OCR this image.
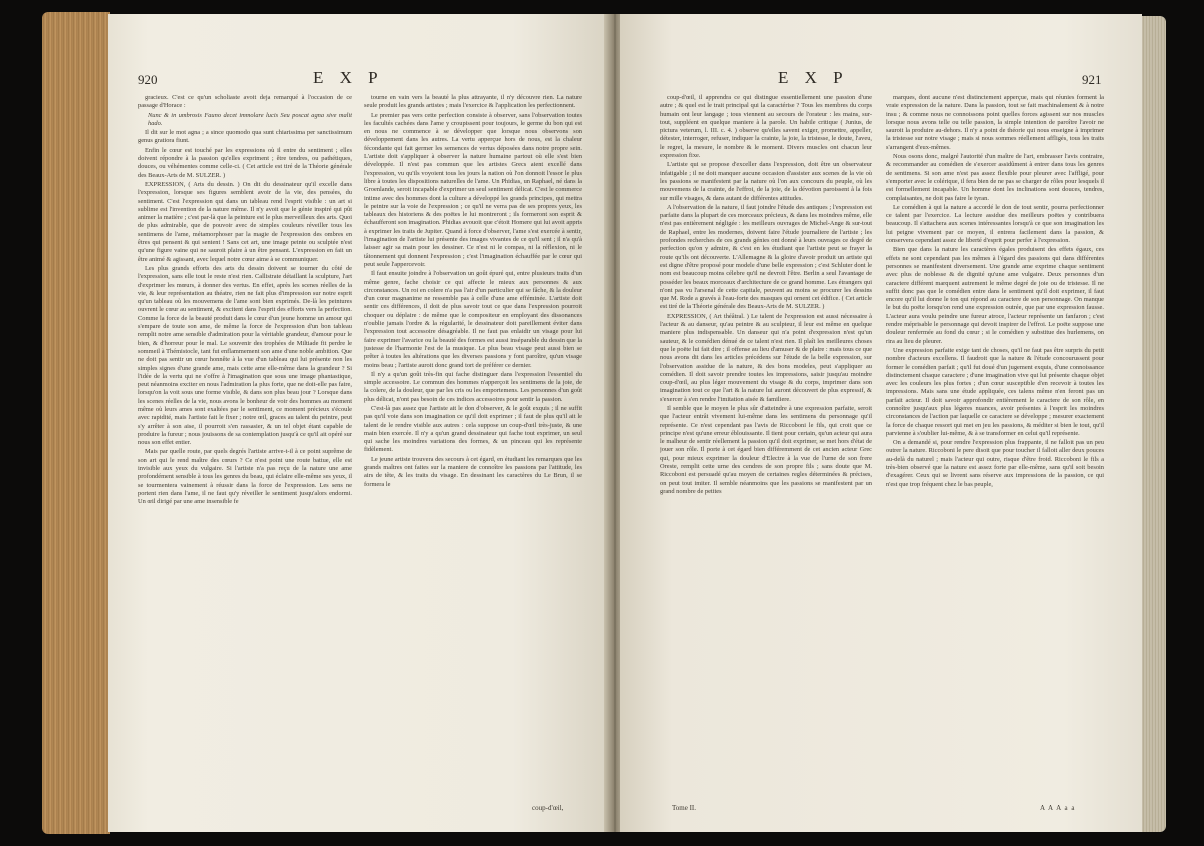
920	E X P

gracieux. C'est ce qu'un scholiaste avoit deja remarqué à l'occasion de ce passage d'Horace :

Nunc & in umbrosis Fauno decet immolare lucis Seu poscat agna sive malit hado.

Il dit sur le mot agna ; a since quomodo qua sunt chiarissima per sanctissimum genus gratiora fiunt.

Enfin le cœur est touché par les expressions où il entre du sentiment ; elles doivent répondre à la passion qu'elles expriment ; être tendres, ou pathétiques, douces, ou véhémentes comme celle-ci. ( Cet article est tiré de la Théorie générale des Beaux-Arts de M. SULZER. )

EXPRESSION, ( Arts du dessin. ) On dit du dessinateur qu'il excelle dans l'expression, lorsque ses figures semblent avoir de la vie, des pensées, du sentiment. C'est l'expression qui dans un tableau rend l'esprit visible : un art si sublime est l'invention de la nature même. Il n'y avoit que le génie inspiré qui pût animer la matière ; c'est par-là que la peinture est le plus merveilleux des arts. Quoi de plus admirable, que de pouvoir avec de simples couleurs réveiller tous les sentimens de l'ame, métamorphoser par la magie de l'expression des ombres en êtres qui pensent & qui sentent ! Sans cet art, une image peinte ou sculptée n'est qu'une figure vaine qui ne sauroit plaire à un être pensant. L'expression en fait un être animé & agissant, avec lequel notre cœur aime à se communiquer.

Les plus grands efforts des arts du dessin doivent se tourner du côté de l'expression, sans elle tout le reste n'est rien. Callistrate détaillant la sculpture, l'art d'exprimer les mœurs, à donner des vertus. En effet, après les scenes réelles de la vie, & leur représentation au théatre, rien ne fait plus d'impression sur notre esprit qu'un tableau où les mouvemens de l'ame sont bien exprimés. De-là les peintures ouvrent le cœur au sentiment, & excitent dans l'esprit des efforts vers la perfection. Comme la force de la beauté produit dans le cœur d'un jeune homme un amour qui s'empare de toute son ame, de même la force de l'expression d'un bon tableau remplit notre ame sensible d'admiration pour la véritable grandeur, d'amour pour le bien, & d'horreur pour le mal. Le souvenir des trophées de Miltiade fit perdre le sommeil à Thémistocle, tant fut enflammement son ame d'une noble ambition. Que ne doit pas sentir un cœur honnête à la vue d'un tableau qui lui présente non les simples signes d'une grande ame, mais cette ame elle-même dans la grandeur ? Si l'idée de la vertu qui ne s'offre à l'imagination que sous une image phantastique, peut néanmoins exciter en nous l'admiration la plus forte, que ne doit-elle pas faire, lorsqu'on la voit sous une forme visible, & dans son plus beau jour ? Lorsque dans les scenes réelles de la vie, nous avons le bonheur de voir des hommes au moment même où leurs ames sont exaltées par le sentiment, ce moment précieux s'écoule avec rapidité, mais l'artiste fait le fixer ; notre œil, graces au talent du peintre, peut s'y arrêter à son aise, il pourroit s'en rassasier, & un tel objet étant capable de produire la fureur ; nous jouissons de sa contemplation jusqu'à ce qu'il ait opéré sur nous son effet entier.

Mais par quelle route, par quels degrés l'artiste arrive-t-il à ce point suprême de son art qui le rend maître des cœurs ? Ce n'est point une route battue, elle est invisible aux yeux du vulgaire. Si l'artiste n'a pas reçu de la nature une ame profondément sensible à tous les genres du beau, qui éclaire elle-même ses yeux, il se tourmentera vainement à réussir dans la force de l'expression. Les sens ne portent rien dans l'ame, il ne faut qu'y réveiller le sentiment jusqu'alors endormi. Un œil dirigé par une ame insensible fe

tourne en vain vers la beauté la plus attrayante, il n'y découvre rien. La nature seule produit les grands artistes ; mais l'exercice & l'application les perfectionnent.

Le premier pas vers cette perfection consiste à observer, sans l'observation toutes les facultés cachées dans l'ame y croupissent pour toujours, le germe du bon qui est en nous ne commence à se développer que lorsque nous observons son développement dans les autres. La vertu apperçue hors de nous, est la chaleur fécondante qui fait germer les semences de vertus déposées dans notre propre sein. L'artiste doit s'appliquer à observer la nature humaine partout où elle s'est bien développée. Il n'est pas commun que les artistes Grecs aient excellé dans l'expression, vu qu'ils voyoient tous les jours la nation où l'on donnoit l'essor le plus libre à toutes les dispositions naturelles de l'ame. Un Phidias, un Raphael, né dans la Groenlande, seroit incapable d'exprimer un seul sentiment délicat. C'est le commerce intime avec des hommes dont la culture a développé les grands principes, qui mettra le peintre sur la voie de l'expression ; ce qu'il ne verra pas de ses propres yeux, les tableaux des historiens & des poëtes le lui montreront ; ils formeront son esprit & échaufferont son imagination. Phidias avouoit que c'étoit Homere qui lui avoit appris à exprimer les traits de Jupiter. Quand à force d'observer, l'ame s'est exercée à sentir, l'imagination de l'artiste lui présente des images vivantes de ce qu'il sent ; il n'a qu'à laisser agir sa main pour les dessiner. Ce n'est ni le compas, ni la réflexion, ni le tâtonnement qui donnent l'expression ; c'est l'imagination échauffée par le cœur qui peut seule l'appercevoir.

Il faut ensuite joindre à l'observation un goût épuré qui, entre plusieurs traits d'un même genre, fache choisir ce qui affecte le mieux aux personnes & aux circonstances. Un roi en colere n'a pas l'air d'un particulier qui se fâche, & la douleur d'un cœur magnanime ne ressemble pas à celle d'une ame efféminée. L'artiste doit sentir ces différences, il doit de plus savoir tout ce que dans l'expression pourroit choquer ou déplaire : de même que le compositeur en employant des dissonances n'oublie jamais l'ordre & la régularité, le dessinateur doit pareillement éviter dans l'expression tout accessoire désagréable. Il ne faut pas enlaidir un visage pour lui faire exprimer l'avarice ou la beauté des formes est aussi inséparable du dessin que la justesse de l'harmonie l'est de la musique. Le plus beau visage peut aussi bien se prêter à toutes les altérations que les diverses passions y font paroître, qu'un visage moins beau ; l'artiste auroit donc grand tort de préférer ce dernier.

Il n'y a qu'un goût très-fin qui fache distinguer dans l'expression l'essentiel du simple accessoire. Le commun des hommes n'apperçoit les sentimens de la joie, de la colere, de la douleur, que par les cris ou les emportemens. Les personnes d'un goût plus délicat, n'ont pas besoin de ces indices accessoires pour sentir la passion.

C'est-là pas assez que l'artiste ait le don d'observer, & le goût exquis ; il ne suffit pas qu'il voie dans son imagination ce qu'il doit exprimer ; il faut de plus qu'il ait le talent de le rendre visible aux autres : cela suppose un coup-d'œil très-juste, & une main bien exercée. Il n'y a qu'un grand dessinateur qui fache tout exprimer, un seul qui sache les moindres variations des formes, & un pinceau qui les représente fidèlement.

Le jeune artiste trouvera des secours à cet égard, en étudiant les remarques que les grands maîtres ont faites sur la maniere de connoître les passions par l'attitude, les airs de tête, & les traits du visage. En dessinant les caractères du Le Brun, il se formera le

coup-d'œil,
E X P	921

coup-d'œil, il apprendra ce qui distingue essentiellement une passion d'une autre ; & quel est le trait principal qui la caractérise ? Tous les membres du corps humain ont leur langage ; tous viennent au secours de l'orateur : les mains, sur-tout, suppléent en quelque maniere à la parole. Un habile critique ( Junius, de pictura veterum, l. III. c. 4. ) observe qu'elles savent exiger, promettre, appeller, détester, interroger, refuser, indiquer la crainte, la joie, la tristesse, le doute, l'aveu, le regret, la mesure, le nombre & le moment. Divers muscles ont chacun leur expression fixe.

L'artiste qui se propose d'exceller dans l'expression, doit être un observateur infatigable ; il ne doit manquer aucune occasion d'assister aux scenes de la vie où les passions se manifestent par la nature où l'on aux concours du peuple, où les mouvemens de la crainte, de l'effroi, de la joie, de la dévotion paroissent à la fois sur mille visages, & dans autant de différentes attitudes.

A l'observation de la nature, il faut joindre l'étude des antiques ; l'expression est parfaite dans la plupart de ces morceaux précieux, & dans les moindres même, elle n'est pas entièrement négligée : les meilleurs ouvrages de Michel-Ange & sur-tout de Raphael, entre les modernes, doivent faire l'étude journaliere de l'artiste ; les profondes recherches de ces grands génies ont donné à leurs ouvrages ce degré de perfection qu'on y admire, & c'est en les étudiant que l'artiste peut se frayer la route qu'ils ont découverte. L'Allemagne & la gloire d'avoir produit un artiste qui est digne d'être proposé pour modele d'une belle expression ; c'est Schluter dont le nom est beaucoup moins célebre qu'il ne devroit l'être. Berlin a seul l'avantage de posséder les beaux morceaux d'architecture de ce grand homme. Les étrangers qui n'ont pas vu l'arsenal de cette capitale, peuvent au moins se procurer les dessins que M. Rode a gravés à l'eau-forte des masques qui ornent cet édifice. ( Cet article est tiré de la Théorie générale des Beaux-Arts de M. SULZER. )

EXPRESSION, ( Art théâtral. ) Le talent de l'expression est aussi nécessaire à l'acteur & au danseur, qu'au peintre & au sculpteur, il leur est même en quelque maniere plus indispensable. Un danseur qui n'a point d'expression n'est qu'un sauteur, & le comédien dénué de ce talent n'est rien. Il plaît les meilleures choses que le poëte lui fait dire ; il offense au lieu d'amuser & de plaire : mais tous ce que nous avons dit dans les articles précédens sur l'étude de la belle expression, sur l'observation assidue de la nature, & des bons modeles, peut s'appliquer au comédien. Il doit savoir prendre toutes les impressions, saisir jusqu'au moindre coup-d'œil, au plus léger mouvement du visage & du corps, imprimer dans son imagination tout ce que l'art & la nature lui auront découvert de plus expressif, & s'exercer à s'en rendre l'imitation aisée & familiere.

Il semble que le moyen le plus sûr d'atteindre à une expression parfaite, seroit que l'acteur entrât vivement lui-même dans les sentimens du personnage qu'il représente. Ce n'est cependant pas l'avis de Riccoboni le fils, qui croit que ce principe n'est qu'une erreur éblouissante. Il tient pour certain, qu'un acteur qui aura le malheur de sentir réellement la passion qu'il doit exprimer, se met hors d'état de jouer son rôle. Il porte à cet égard bien différemment de cet ancien acteur Grec qui, pour mieux exprimer la douleur d'Electre à la vue de l'urne de son frere Oreste, remplit cette urne des cendres de son propre fils ; sans doute que M. Riccoboni est persuadé qu'au moyen de certaines regles déterminées & précises, on peut tout imiter. Il semble néanmoins que les passions se manifestent par un grand nombre de petites

marques, dont aucune n'est distinctement apperçue, mais qui réunies forment la vraie expression de la nature. Dans la passion, tout se fait machinalement & à notre insu ; & comme nous ne connoissons point quelles forces agissent sur nos muscles lorsque nous avons telle ou telle passion, la simple intention de paroître l'avoir ne sauroit la produire au-dehors. Il n'y a point de théorie qui nous enseigne à imprimer la tristesse sur notre visage ; mais si nous sommes réellement affligés, tous les traits s'arrangent d'eux-mêmes.

Nous osons donc, malgré l'autorité d'un maître de l'art, embrasser l'avis contraire, & recommander au comédien de s'exercer assidûment à entrer dans tous les genres de sentimens. Si son ame n'est pas assez flexible pour pleurer avec l'affligé, pour s'emporter avec le colérique, il fera bien de ne pas se charger de rôles pour lesquels il est formellement incapable. Un homme dont les inclinations sont douces, tendres, complaisantes, ne doit pas faire le tyran.

Le comédien à qui la nature a accordé le don de tout sentir, pourra perfectionner ce talent par l'exercice. La lecture assidue des meilleurs poëtes y contribuera beaucoup. Il s'attachera aux scenes intéressantes lorsqu'à ce que son imagination les lui peigne vivement par ce moyen, il entrera facilement dans la passion, & conservera cependant assez de liberté d'esprit pour perfer à l'expression.

Bien que dans la nature les caractères égales produisent des effets égaux, ces effets ne sont cependant pas les mêmes à l'égard des passions qui dans différentes personnes se manifestent diversement. Une grande ame exprime chaque sentiment avec plus de noblesse & de dignité qu'une ame vulgaire. Deux personnes d'un caractere différent marquent autrement le même degré de joie ou de tristesse. Il ne suffit donc pas que le comédien entre dans le sentiment qu'il doit exprimer, il faut encore qu'il lui donne le ton qui répond au caractere de son personnage. On manque le but du poëte lorsqu'on rend une expression outrée, que par une expression fausse. L'acteur aura voulu peindre une fureur atroce, l'acteur représente un fanfaron ; c'est rendre méprisable le personnage qui devoit inspirer de l'effroi. Le poëte suppose une douleur renfermée au fond du cœur ; si le comédien y substitue des hurlemens, on rira au lieu de pleurer.

Une expression parfaite exige tant de choses, qu'il ne faut pas être surpris du petit nombre d'acteurs excellens. Il faudroit que la nature & l'étude concourussent pour former le comédien parfait ; qu'il fut doué d'un jugement exquis, d'une connoissance distinctement chaque caractere ; d'une imagination vive qui lui présente chaque objet avec les couleurs les plus fortes ; d'un cœur susceptible d'en recevoir à toutes les impressions. Mais sans une étude appliquée, ces talens même n'en feront pas un parfait acteur. Il doit savoir approfondir entièrement le caractere de son rôle, en connoître jusqu'aux plus légeres nuances, avoir présentes à l'esprit les moindres circonstances de l'action par laquelle ce caractere se développe ; mesurer exactement la force de chaque ressort qui met en jeu les passions, & méditer si bien le tout, qu'il parvienne à s'oublier lui-même, & à se transformer en celui qu'il représente.

On a demandé si, pour rendre l'expression plus frappante, il ne falloit pas un peu outrer la nature. Riccoboni le pere disoit que pour toucher il falloit aller deux pouces au-delà du naturel ; mais l'acteur qui outre, risque d'être froid. Riccoboni le fils a très-bien observé que la nature est assez forte par elle-même, sans qu'il soit besoin d'exagérer. Ceux qui se livrent sans réserve aux impressions de la passion, ce qui n'est que trop fréquent chez le bas peuple,

Tome II.	A A A a a
